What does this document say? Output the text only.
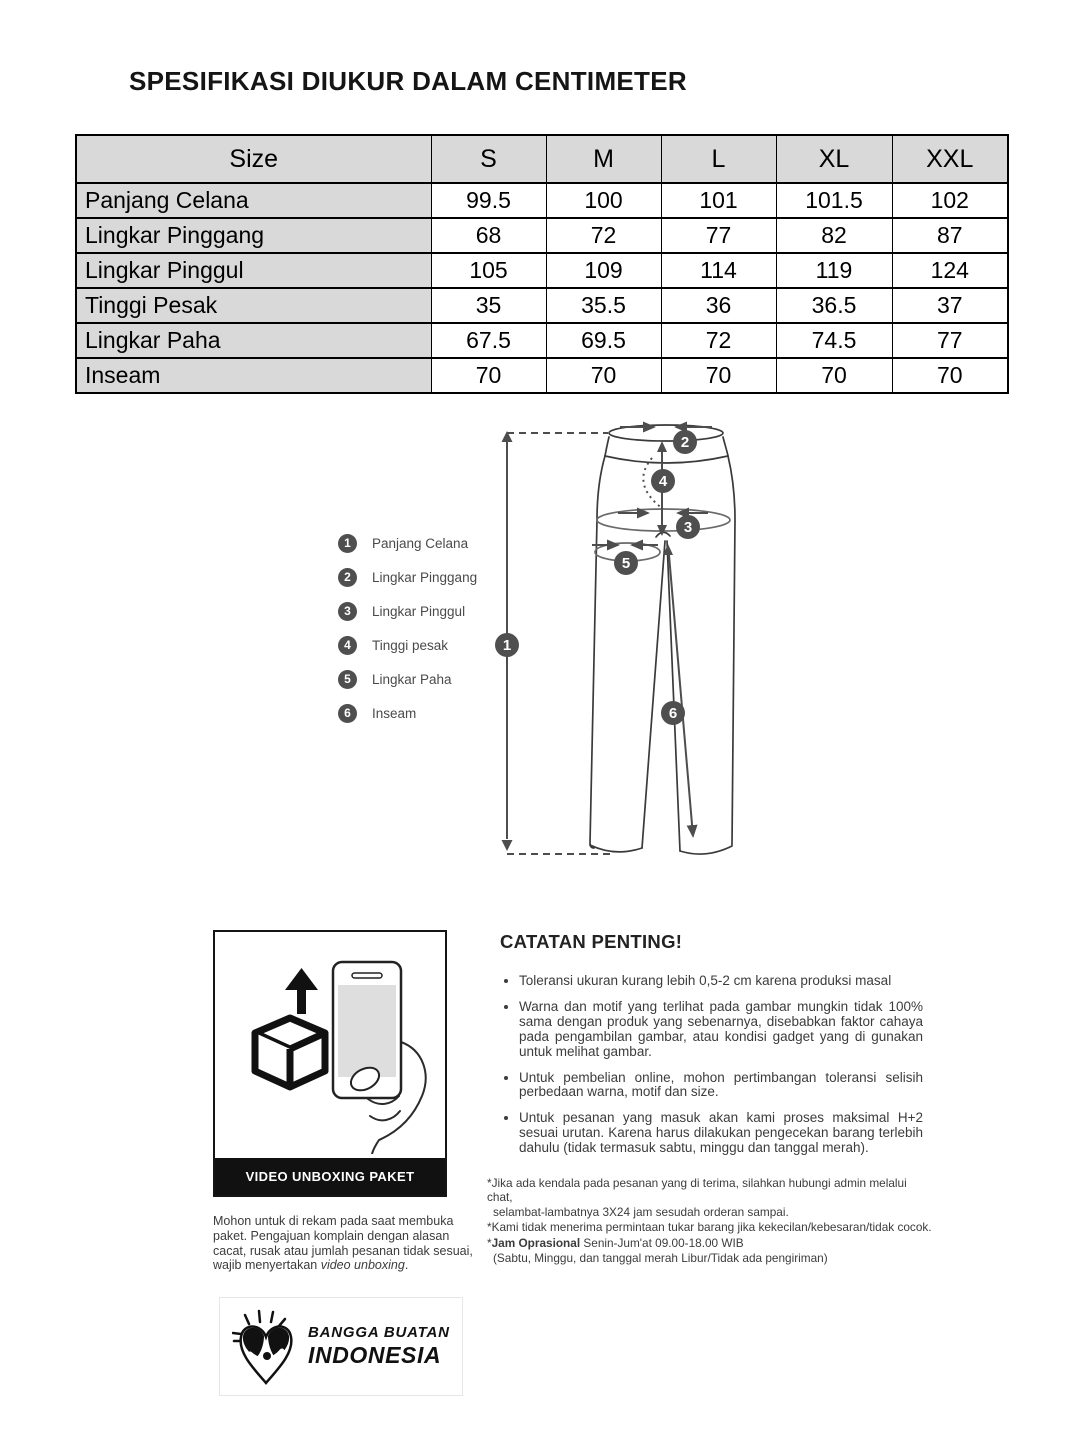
SPESIFIKASI DIUKUR DALAM CENTIMETER
Size	S	M	L	XL	XXL
Panjang Celana	99.5	100	101	101.5	102
Lingkar Pinggang	68	72	77	82	87
Lingkar Pinggul	105	109	114	119	124
Tinggi Pesak	35	35.5	36	36.5	37
Lingkar Paha	67.5	69.5	72	74.5	77
Inseam	70	70	70	70	70
1	Panjang Celana
2	Lingkar Pinggang
3	Lingkar Pinggul
4	Tinggi pesak
5	Lingkar Paha
6	Inseam
1
2
3
4
5
6
VIDEO UNBOXING PAKET
Mohon untuk di rekam pada saat membuka paket. Pengajuan komplain dengan alasan cacat, rusak atau jumlah pesanan tidak sesuai, wajib menyertakan video unboxing.
BANGGA BUATAN
INDONESIA
CATATAN PENTING!
• Toleransi ukuran kurang lebih 0,5-2 cm karena produksi masal
• Warna dan motif yang terlihat pada gambar mungkin tidak 100% sama dengan produk yang sebenarnya, disebabkan faktor cahaya pada pengambilan gambar, atau kondisi gadget yang di gunakan untuk melihat gambar.
• Untuk pembelian online, mohon pertimbangan toleransi selisih perbedaan warna, motif dan size.
• Untuk pesanan yang masuk akan kami proses maksimal H+2 sesuai urutan. Karena harus dilakukan pengecekan barang terlebih dahulu (tidak termasuk sabtu, minggu dan tanggal merah).
*Jika ada kendala pada pesanan yang di terima, silahkan hubungi admin melalui chat,
selambat-lambatnya 3X24 jam sesudah orderan sampai.
*Kami tidak menerima permintaan tukar barang jika kekecilan/kebesaran/tidak cocok.
*Jam Oprasional Senin-Jum'at 09.00-18.00 WIB
(Sabtu, Minggu, dan tanggal merah Libur/Tidak ada pengiriman)
